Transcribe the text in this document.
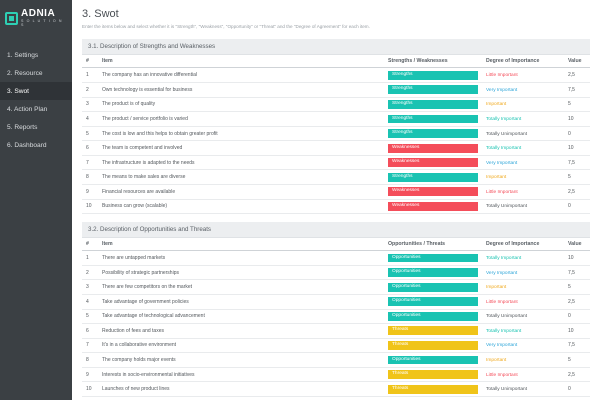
ADNIA
S O L U T I O N S
1. Settings
2. Resource
3. Swot
4. Action Plan
5. Reports
6. Dashboard
3. Swot
Enter the items below and select whether it is "Strength", "Weakness", "Opportunity" or "Threat" and the "Degree of Agreement" for each item.
3.1. Description of Strengths and Weaknesses
#	Item	Strengths / Weaknesses	Degree of Importance	Value
1	The company has an innovative differential	Strengths	Little Important	2,5
2	Own technology is essential for business	Strengths	Very Important	7,5
3	The product is of quality	Strengths	Important	5
4	The product / service portfolio is varied	Strengths	Totally Important	10
5	The cost is low and this helps to obtain greater profit	Strengths	Totally Unimportant	0
6	The team is competent and involved	Weaknesses	Totally Important	10
7	The infrastructure is adapted to the needs	Weaknesses	Very Important	7,5
8	The means to make sales are diverse	Strengths	Important	5
9	Financial resources are available	Weaknesses	Little Important	2,5
10	Business can grow (scalable)	Weaknesses	Totally Unimportant	0
3.2. Description of Opportunities and Threats
#	Item	Opportunities / Threats	Degree of Importance	Value
1	There are untapped markets	Opportunities	Totally Important	10
2	Possibility of strategic partnerships	Opportunities	Very Important	7,5
3	There are few competitors on the market	Opportunities	Important	5
4	Take advantage of government policies	Opportunities	Little Important	2,5
5	Take advantage of technological advancement	Opportunities	Totally Unimportant	0
6	Reduction of fees and taxes	Threats	Totally Important	10
7	It's in a collaborative environment	Threats	Very Important	7,5
8	The company holds major events	Opportunities	Important	5
9	Interests in socio-environmental initiatives	Threats	Little Important	2,5
10	Launches of new product lines	Threats	Totally Unimportant	0
